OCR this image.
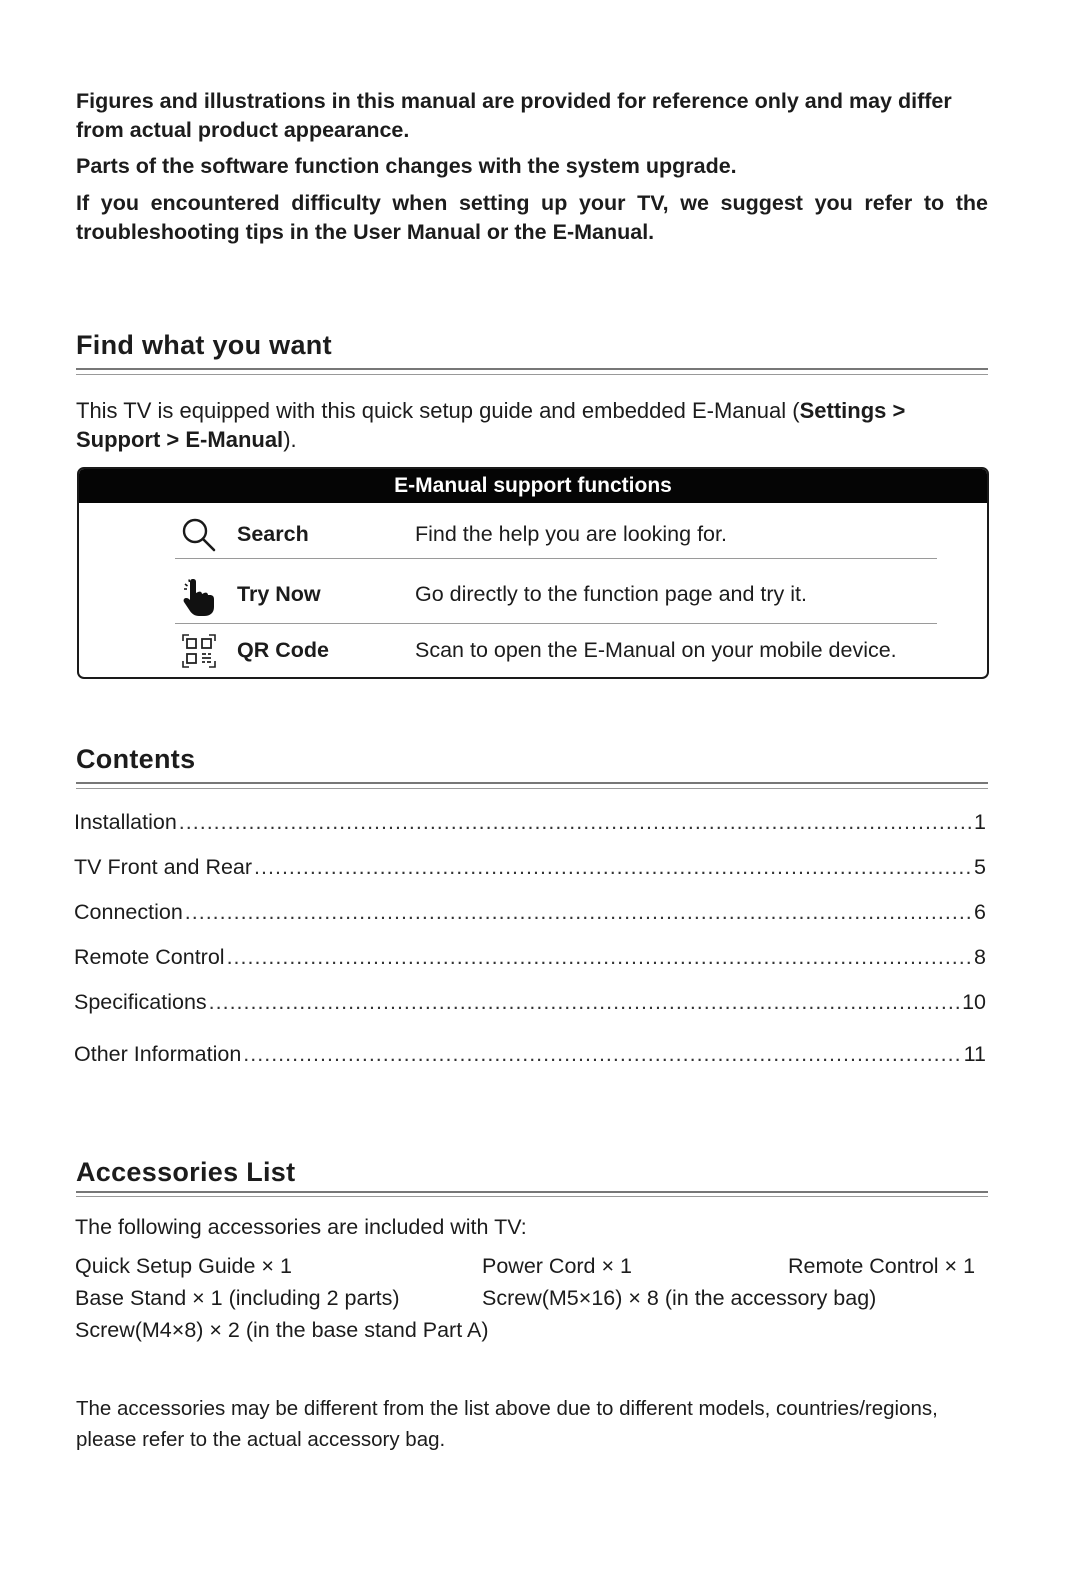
Figures and illustrations in this manual are provided for reference only and may differ from actual product appearance.

Parts of the software function changes with the system upgrade.

If you encountered difficulty when setting up your TV, we suggest you refer to the troubleshooting tips in the User Manual or the E-Manual.

Find what you want

This TV is equipped with this quick setup guide and embedded E-Manual (Settings > Support > E-Manual).

E-Manual support functions
Search	Find the help you are looking for.
Try Now	Go directly to the function page and try it.
QR Code	Scan to open the E-Manual on your mobile device.
Contents
Installation .....	1
TV Front and Rear .....	5
Connection .....	6
Remote Control .....	8
Specifications .....	10
Other Information .....	11
Accessories List
The following accessories are included with TV:
Quick Setup Guide × 1	Power Cord × 1	Remote Control × 1
Base Stand × 1 (including 2 parts)	Screw(M5×16) × 8 (in the accessory bag)
Screw(M4×8) × 2 (in the base stand Part A)

The accessories may be different from the list above due to different models, countries/regions, please refer to the actual accessory bag.
